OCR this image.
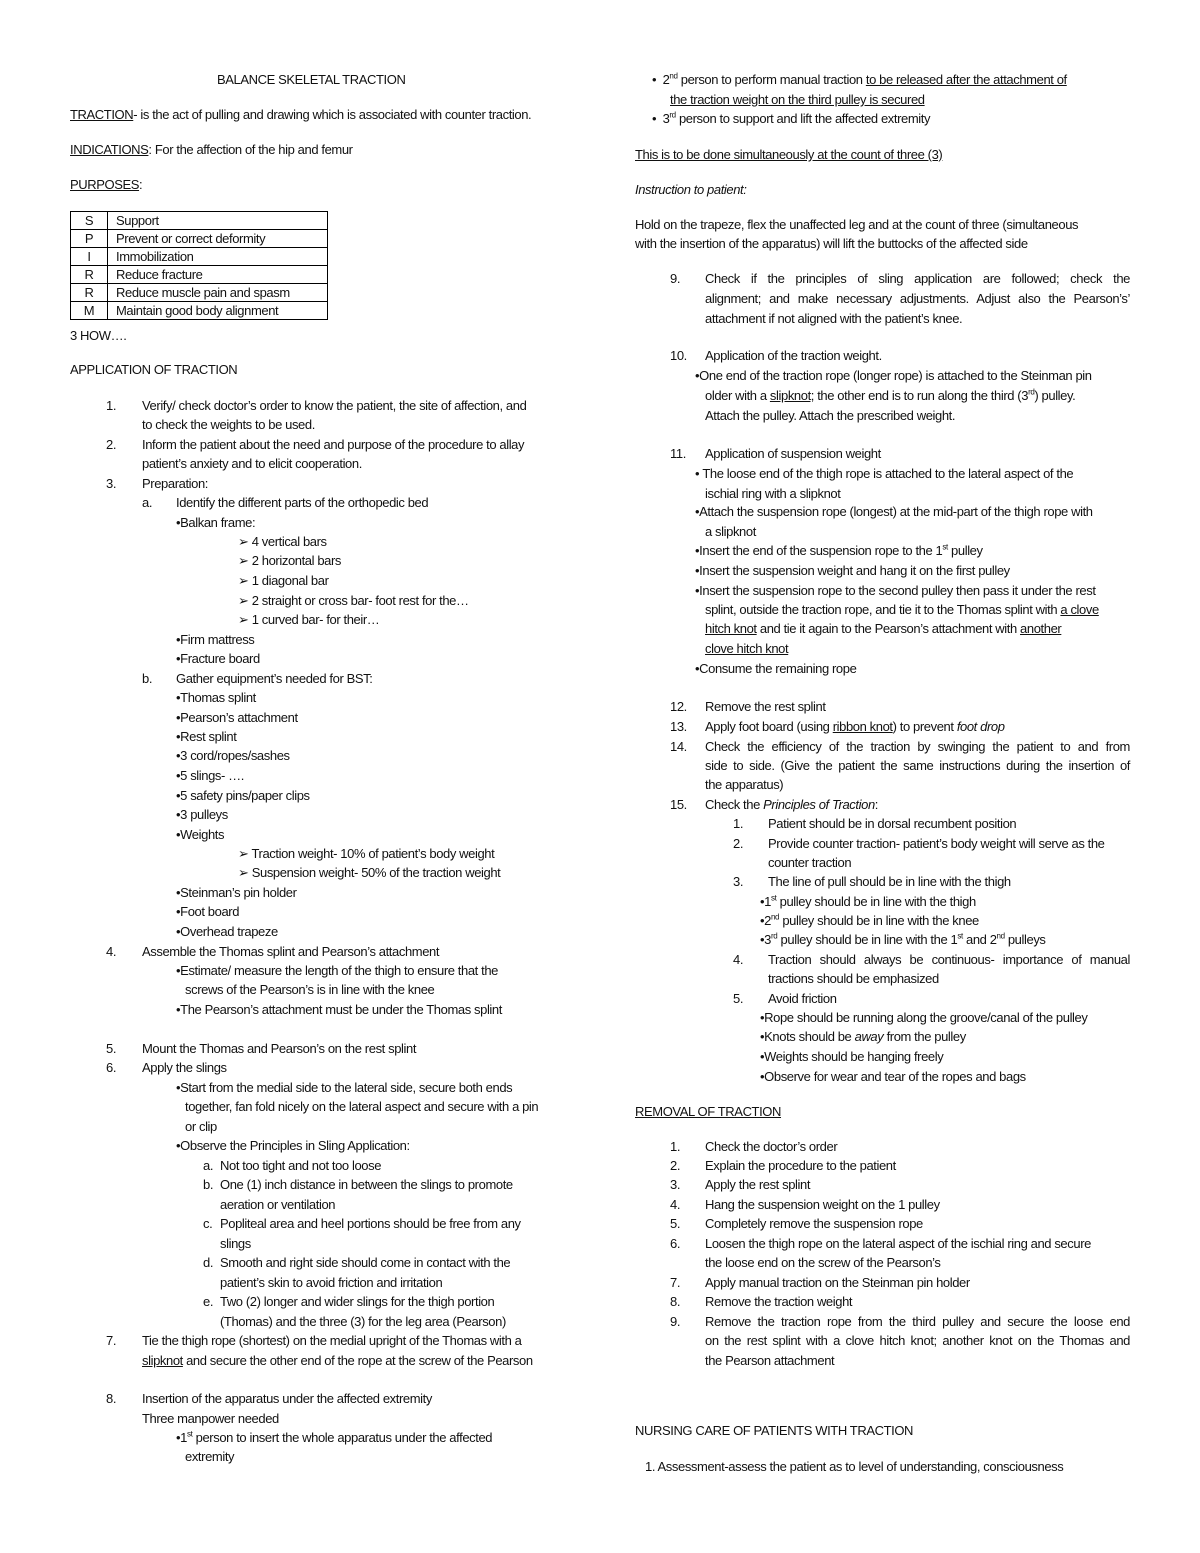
BALANCE SKELETAL TRACTION
TRACTION- is the act of pulling and drawing which is associated with counter traction.
INDICATIONS: For the affection of the hip and femur
PURPOSES:
S	Support
P	Prevent or correct deformity
I	Immobilization
R	Reduce fracture
R	Reduce muscle pain and spasm
M	Maintain good body alignment
3 HOW….
APPLICATION OF TRACTION
1. Verify/ check doctor’s order to know the patient, the site of affection, and
to check the weights to be used.
2. Inform the patient about the need and purpose of the procedure to allay
patient’s anxiety and to elicit cooperation.
3. Preparation:
a. Identify the different parts of the orthopedic bed
•Balkan frame:
➢ 4 vertical bars
➢ 2 horizontal bars
➢ 1 diagonal bar
➢ 2 straight or cross bar- foot rest for the…
➢ 1 curved bar- for their…
•Firm mattress
•Fracture board
b. Gather equipment’s needed for BST:
•Thomas splint
•Pearson’s attachment
•Rest splint
•3 cord/ropes/sashes
•5 slings- ….
•5 safety pins/paper clips
•3 pulleys
•Weights
➢ Traction weight- 10% of patient’s body weight
➢ Suspension weight- 50% of the traction weight
•Steinman’s pin holder
•Foot board
•Overhead trapeze
4. Assemble the Thomas splint and Pearson’s attachment
•Estimate/ measure the length of the thigh to ensure that the
screws of the Pearson’s is in line with the knee
•The Pearson’s attachment must be under the Thomas splint
5. Mount the Thomas and Pearson’s on the rest splint
6. Apply the slings
•Start from the medial side to the lateral side, secure both ends
together, fan fold nicely on the lateral aspect and secure with a pin
or clip
•Observe the Principles in Sling Application:
a. Not too tight and not too loose
b. One (1) inch distance in between the slings to promote
aeration or ventilation
c. Popliteal area and heel portions should be free from any
slings
d. Smooth and right side should come in contact with the
patient’s skin to avoid friction and irritation
e. Two (2) longer and wider slings for the thigh portion
(Thomas) and the three (3) for the leg area (Pearson)
7. Tie the thigh rope (shortest) on the medial upright of the Thomas with a
slipknot and secure the other end of the rope at the screw of the Pearson
8. Insertion of the apparatus under the affected extremity
Three manpower needed
•1st person to insert the whole apparatus under the affected
extremity
•  2nd person to perform manual traction to be released after the attachment of
the traction weight on the third pulley is secured
•  3rd person to support and lift the affected extremity
This is to be done simultaneously at the count of three (3)
Instruction to patient:
Hold on the trapeze, flex the unaffected leg and at the count of three (simultaneous
with the insertion of the apparatus) will lift the buttocks of the affected side
9. Check if the principles of sling application are followed; check the
alignment; and make necessary adjustments. Adjust also the Pearson’s’
attachment if not aligned with the patient’s knee.
10. Application of the traction weight.
•One end of the traction rope (longer rope) is attached to the Steinman pin
older with a slipknot; the other end is to run along the third (3rd) pulley.
Attach the pulley. Attach the prescribed weight.
11. Application of suspension weight
• The loose end of the thigh rope is attached to the lateral aspect of the
ischial ring with a slipknot
•Attach the suspension rope (longest) at the mid-part of the thigh rope with
a slipknot
•Insert the end of the suspension rope to the 1st pulley
•Insert the suspension weight and hang it on the first pulley
•Insert the suspension rope to the second pulley then pass it under the rest
splint, outside the traction rope, and tie it to the Thomas splint with a clove
hitch knot and tie it again to the Pearson’s attachment with another
clove hitch knot
•Consume the remaining rope
12. Remove the rest splint
13. Apply foot board (using ribbon knot) to prevent foot drop
14. Check the efficiency of the traction by swinging the patient to and from
side to side. (Give the patient the same instructions during the insertion of
the apparatus)
15. Check the Principles of Traction:
1. Patient should be in dorsal recumbent position
2. Provide counter traction- patient’s body weight will serve as the
counter traction
3. The line of pull should be in line with the thigh
•1st pulley should be in line with the thigh
•2nd pulley should be in line with the knee
•3rd pulley should be in line with the 1st and 2nd pulleys
4. Traction should always be continuous- importance of manual
tractions should be emphasized
5. Avoid friction
•Rope should be running along the groove/canal of the pulley
•Knots should be away from the pulley
•Weights should be hanging freely
•Observe for wear and tear of the ropes and bags
REMOVAL OF TRACTION
1. Check the doctor’s order
2. Explain the procedure to the patient
3. Apply the rest splint
4. Hang the suspension weight on the 1 pulley
5. Completely remove the suspension rope
6. Loosen the thigh rope on the lateral aspect of the ischial ring and secure
the loose end on the screw of the Pearson’s
7. Apply manual traction on the Steinman pin holder
8. Remove the traction weight
9. Remove the traction rope from the third pulley and secure the loose end
on the rest splint with a clove hitch knot; another knot on the Thomas and
the Pearson attachment
NURSING CARE OF PATIENTS WITH TRACTION
1. Assessment-assess the patient as to level of understanding, consciousness
